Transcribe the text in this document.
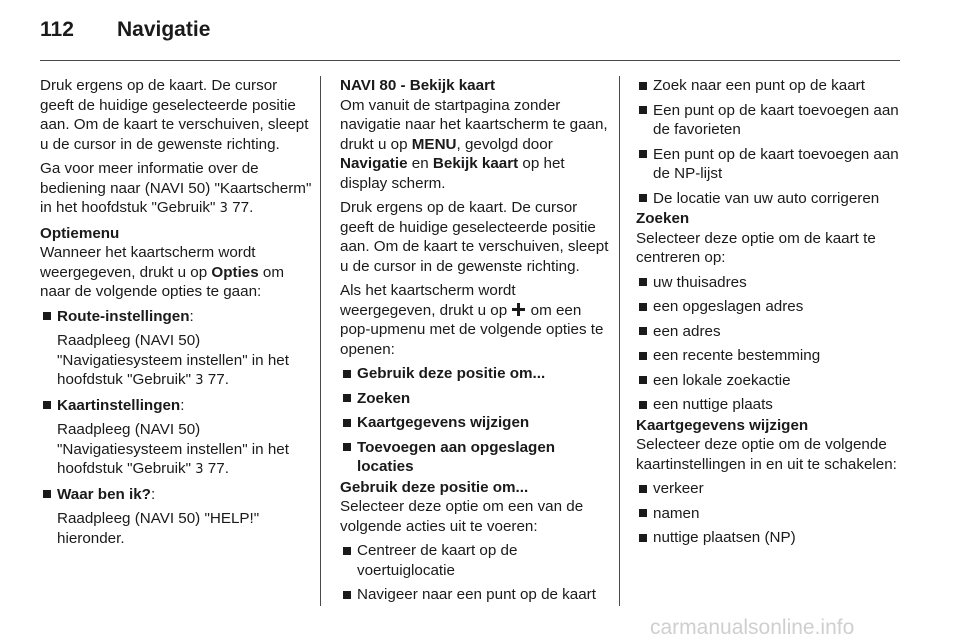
112 Navigatie

Druk ergens op de kaart. De cursor geeft de huidige geselecteerde positie aan. Om de kaart te verschuiven, sleept u de cursor in de gewenste richting.

Ga voor meer informatie over de bediening naar (NAVI 50) "Kaartscherm" in het hoofdstuk "Gebruik" 3 77.

Optiemenu

Wanneer het kaartscherm wordt weergegeven, drukt u op Opties om naar de volgende opties te gaan:

Route-instellingen:

Raadpleeg (NAVI 50) "Navigatiesysteem instellen" in het hoofdstuk "Gebruik" 3 77.

Kaartinstellingen:

Raadpleeg (NAVI 50) "Navigatiesysteem instellen" in het hoofdstuk "Gebruik" 3 77.

Waar ben ik?:

Raadpleeg (NAVI 50) "HELP!" hieronder.

NAVI 80 - Bekijk kaart

Om vanuit de startpagina zonder navigatie naar het kaartscherm te gaan, drukt u op MENU, gevolgd door Navigatie en Bekijk kaart op het display scherm.

Druk ergens op de kaart. De cursor geeft de huidige geselecteerde positie aan. Om de kaart te verschuiven, sleept u de cursor in de gewenste richting.

Als het kaartscherm wordt weergegeven, drukt u op om een pop-upmenu met de volgende opties te openen:

Gebruik deze positie om...
Zoeken
Kaartgegevens wijzigen
Toevoegen aan opgeslagen locaties
Gebruik deze positie om...

Selecteer deze optie om een van de volgende acties uit te voeren:

Centreer de kaart op de voertuiglocatie
Navigeer naar een punt op de kaart
Zoek naar een punt op de kaart
Een punt op de kaart toevoegen aan de favorieten
Een punt op de kaart toevoegen aan de NP-lijst
De locatie van uw auto corrigeren
Zoeken

Selecteer deze optie om de kaart te centreren op:

uw thuisadres
een opgeslagen adres
een adres
een recente bestemming
een lokale zoekactie
een nuttige plaats
Kaartgegevens wijzigen

Selecteer deze optie om de volgende kaartinstellingen in en uit te schakelen:

verkeer
namen
nuttige plaatsen (NP)
carmanualsonline.info
